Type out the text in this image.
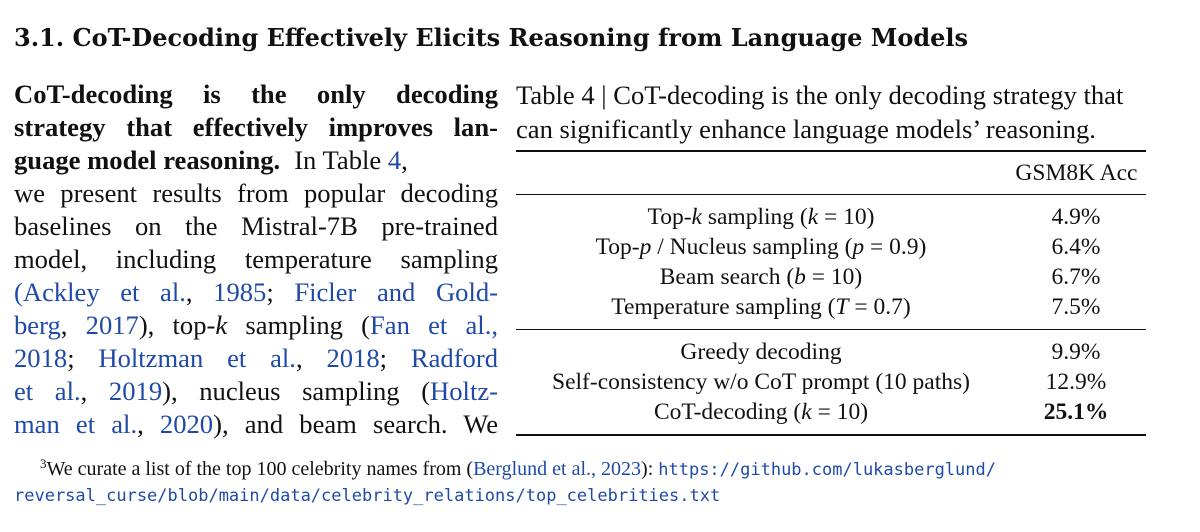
3.1. CoT-Decoding Effectively Elicits Reasoning from Language Models
CoT-decoding is the only decoding
strategy that effectively improves lan-
guage model reasoning. In Table 4,
we present results from popular decoding
baselines on the Mistral-7B pre-trained
model, including temperature sampling
(Ackley et al., 1985; Ficler and Gold-
berg, 2017), top-k sampling (Fan et al.,
2018; Holtzman et al., 2018; Radford
et al., 2019), nucleus sampling (Holtz-
man et al., 2020), and beam search. We
Table 4 | CoT-decoding is the only decoding strategy that
can significantly enhance language models’ reasoning.
GSM8K Acc
Top-k sampling (k = 10)	4.9%
Top-p / Nucleus sampling (p = 0.9)	6.4%
Beam search (b = 10)	6.7%
Temperature sampling (T = 0.7)	7.5%
Greedy decoding	9.9%
Self-consistency w/o CoT prompt (10 paths)	12.9%
CoT-decoding (k = 10)	25.1%
$^3$We curate a list of the top 100 celebrity names from (Berglund et al., 2023): https://github.com/lukasberglund/
reversal_curse/blob/main/data/celebrity_relations/top_celebrities.txt
